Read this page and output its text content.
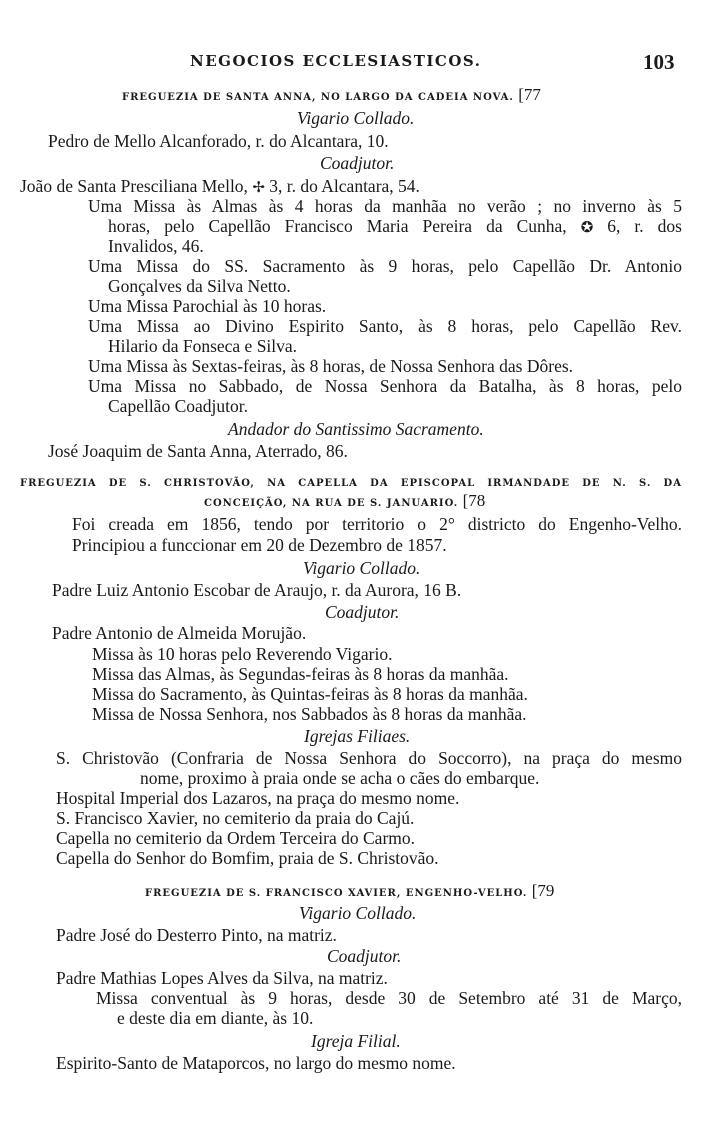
NEGOCIOS ECCLESIASTICOS.	103
FREGUEZIA DE SANTA ANNA, NO LARGO DA CADEIA NOVA. [77
Vigario Collado.
Pedro de Mello Alcanforado, r. do Alcantara, 10.
Coadjutor.
João de Santa Presciliana Mello, ✢ 3, r. do Alcantara, 54.
Uma Missa às Almas às 4 horas da manhãa no verão ; no inverno às 5
horas, pelo Capellão Francisco Maria Pereira da Cunha, ✪ 6, r. dos
Invalidos, 46.
Uma Missa do SS. Sacramento às 9 horas, pelo Capellão Dr. Antonio
Gonçalves da Silva Netto.
Uma Missa Parochial às 10 horas.
Uma Missa ao Divino Espirito Santo, às 8 horas, pelo Capellão Rev.
Hilario da Fonseca e Silva.
Uma Missa às Sextas-feiras, às 8 horas, de Nossa Senhora das Dôres.
Uma Missa no Sabbado, de Nossa Senhora da Batalha, às 8 horas, pelo
Capellão Coadjutor.
Andador do Santissimo Sacramento.
José Joaquim de Santa Anna, Aterrado, 86.
FREGUEZIA DE S. CHRISTOVÃO, NA CAPELLA DA EPISCOPAL IRMANDADE DE N. S. DA
CONCEIÇÃO, NA RUA DE S. JANUARIO. [78
Foi creada em 1856, tendo por territorio o 2° districto do Engenho-Velho.
Principiou a funccionar em 20 de Dezembro de 1857.
Vigario Collado.
Padre Luiz Antonio Escobar de Araujo, r. da Aurora, 16 B.
Coadjutor.
Padre Antonio de Almeida Morujão.
Missa às 10 horas pelo Reverendo Vigario.
Missa das Almas, às Segundas-feiras às 8 horas da manhãa.
Missa do Sacramento, às Quintas-feiras às 8 horas da manhãa.
Missa de Nossa Senhora, nos Sabbados às 8 horas da manhãa.
Igrejas Filiaes.
S. Christovão (Confraria de Nossa Senhora do Soccorro), na praça do mesmo
nome, proximo à praia onde se acha o cães do embarque.
Hospital Imperial dos Lazaros, na praça do mesmo nome.
S. Francisco Xavier, no cemiterio da praia do Cajú.
Capella no cemiterio da Ordem Terceira do Carmo.
Capella do Senhor do Bomfim, praia de S. Christovão.
FREGUEZIA DE S. FRANCISCO XAVIER, ENGENHO-VELHO. [79
Vigario Collado.
Padre José do Desterro Pinto, na matriz.
Coadjutor.
Padre Mathias Lopes Alves da Silva, na matriz.
Missa conventual às 9 horas, desde 30 de Setembro até 31 de Março,
e deste dia em diante, às 10.
Igreja Filial.
Espirito-Santo de Mataporcos, no largo do mesmo nome.
